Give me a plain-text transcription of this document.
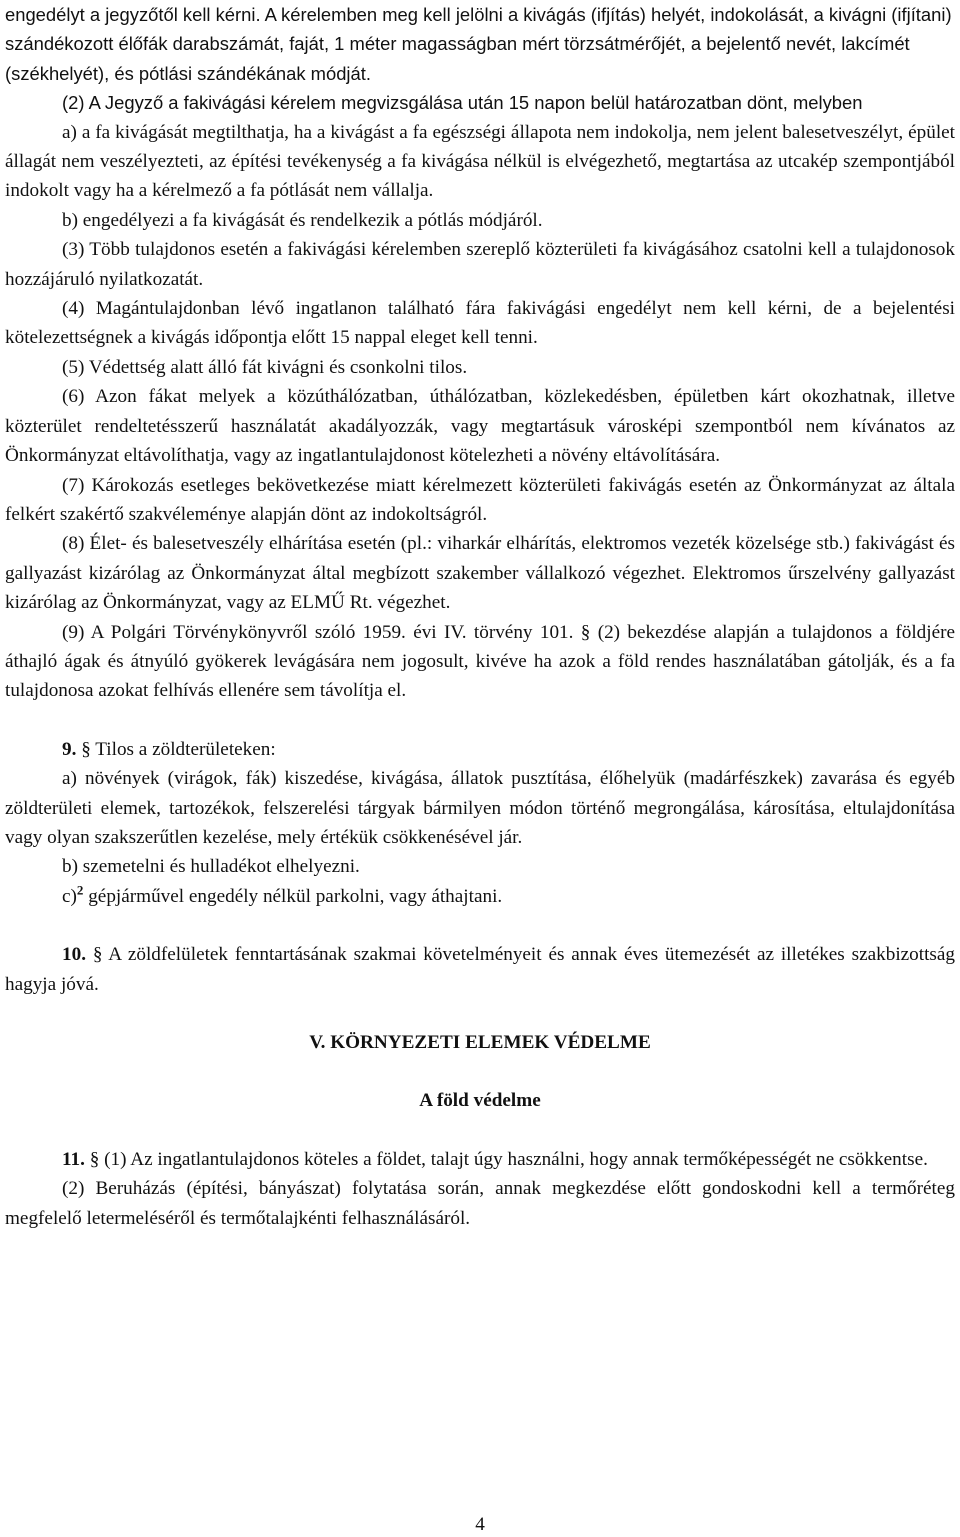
engedélyt a jegyzőtől kell kérni. A kérelemben meg kell jelölni a kivágás (ifjítás) helyét, indokolását, a kivágni (ifjítani) szándékozott élőfák darabszámát, faját, 1 méter magasságban mért törzsátmérőjét, a bejelentő nevét, lakcímét (székhelyét), és pótlási szándékának módját.

(2) A Jegyző a fakivágási kérelem megvizsgálása után 15 napon belül határozatban dönt, melyben

a) a fa kivágását megtilthatja, ha a kivágást a fa egészségi állapota nem indokolja, nem jelent balesetveszélyt, épület állagát nem veszélyezteti, az építési tevékenység a fa kivágása nélkül is elvégezhető, megtartása az utcakép szempontjából indokolt vagy ha a kérelmező a fa pótlását nem vállalja.

b) engedélyezi a fa kivágását és rendelkezik a pótlás módjáról.

(3) Több tulajdonos esetén a fakivágási kérelemben szereplő közterületi fa kivágásához csatolni kell a tulajdonosok hozzájáruló nyilatkozatát.

(4) Magántulajdonban lévő ingatlanon található fára fakivágási engedélyt nem kell kérni, de a bejelentési kötelezettségnek a kivágás időpontja előtt 15 nappal eleget kell tenni.

(5) Védettség alatt álló fát kivágni és csonkolni tilos.

(6) Azon fákat melyek a közúthálózatban, úthálózatban, közlekedésben, épületben kárt okozhatnak, illetve közterület rendeltetésszerű használatát akadályozzák, vagy megtartásuk városképi szempontból nem kívánatos az Önkormányzat eltávolíthatja, vagy az ingatlantulajdonost kötelezheti a növény eltávolítására.

(7) Károkozás esetleges bekövetkezése miatt kérelmezett közterületi fakivágás esetén az Önkormányzat az általa felkért szakértő szakvéleménye alapján dönt az indokoltságról.

(8) Élet- és balesetveszély elhárítása esetén (pl.: viharkár elhárítás, elektromos vezeték közelsége stb.) fakivágást és gallyazást kizárólag az Önkormányzat által megbízott szakember vállalkozó végezhet. Elektromos űrszelvény gallyazást kizárólag az Önkormányzat, vagy az ELMŰ Rt. végezhet.

(9) A Polgári Törvénykönyvről szóló 1959. évi IV. törvény 101. § (2) bekezdése alapján a tulajdonos a földjére áthajló ágak és átnyúló gyökerek levágására nem jogosult, kivéve ha azok a föld rendes használatában gátolják, és a fa tulajdonosa azokat felhívás ellenére sem távolítja el.

9. § Tilos a zöldterületeken:

a) növények (virágok, fák) kiszedése, kivágása, állatok pusztítása, élőhelyük (madárfészkek) zavarása és egyéb zöldterületi elemek, tartozékok, felszerelési tárgyak bármilyen módon történő megrongálása, károsítása, eltulajdonítása vagy olyan szakszerűtlen kezelése, mely értékük csökkenésével jár.

b) szemetelni és hulladékot elhelyezni.

c)$^2$ gépjárművel engedély nélkül parkolni, vagy áthajtani.

10. § A zöldfelületek fenntartásának szakmai követelményeit és annak éves ütemezését az illetékes szakbizottság hagyja jóvá.

V. KÖRNYEZETI ELEMEK VÉDELME

A föld védelme

11. § (1) Az ingatlantulajdonos köteles a földet, talajt úgy használni, hogy annak termőképességét ne csökkentse.

(2) Beruházás (építési, bányászat) folytatása során, annak megkezdése előtt gondoskodni kell a termőréteg megfelelő letermeléséről és termőtalajkénti felhasználásáról.

4
